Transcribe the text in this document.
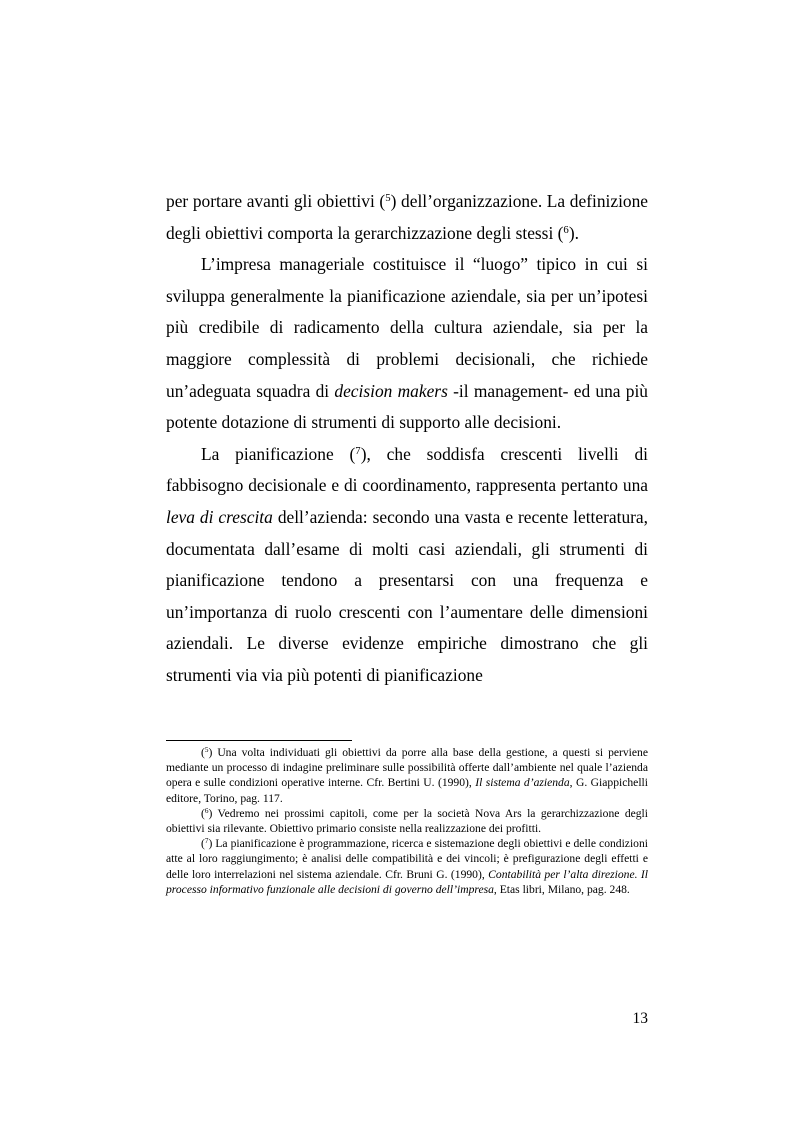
per portare avanti gli obiettivi ($^5$) dell’organizzazione. La definizione degli obiettivi comporta la gerarchizzazione degli stessi ($^6$).

L’impresa manageriale costituisce il “luogo” tipico in cui si sviluppa generalmente la pianificazione aziendale, sia per un’ipotesi più credibile di radicamento della cultura aziendale, sia per la maggiore complessità di problemi decisionali, che richiede un’adeguata squadra di decision makers -il management- ed una più potente dotazione di strumenti di supporto alle decisioni.

La pianificazione ($^7$), che soddisfa crescenti livelli di fabbisogno decisionale e di coordinamento, rappresenta pertanto una leva di crescita dell’azienda: secondo una vasta e recente letteratura, documentata dall’esame di molti casi aziendali, gli strumenti di pianificazione tendono a presentarsi con una frequenza e un’importanza di ruolo crescenti con l’aumentare delle dimensioni aziendali. Le diverse evidenze empiriche dimostrano che gli strumenti via via più potenti di pianificazione

($^5$) Una volta individuati gli obiettivi da porre alla base della gestione, a questi si perviene mediante un processo di indagine preliminare sulle possibilità offerte dall’ambiente nel quale l’azienda opera e sulle condizioni operative interne. Cfr. Bertini U. (1990), Il sistema d’azienda, G. Giappichelli editore, Torino, pag. 117.

($^6$) Vedremo nei prossimi capitoli, come per la società Nova Ars la gerarchizzazione degli obiettivi sia rilevante. Obiettivo primario consiste nella realizzazione dei profitti.

($^7$) La pianificazione è programmazione, ricerca e sistemazione degli obiettivi e delle condizioni atte al loro raggiungimento; è analisi delle compatibilità e dei vincoli; è prefigurazione degli effetti e delle loro interrelazioni nel sistema aziendale. Cfr. Bruni G. (1990), Contabilità per l’alta direzione. Il processo informativo funzionale alle decisioni di governo dell’impresa, Etas libri, Milano, pag. 248.

13
